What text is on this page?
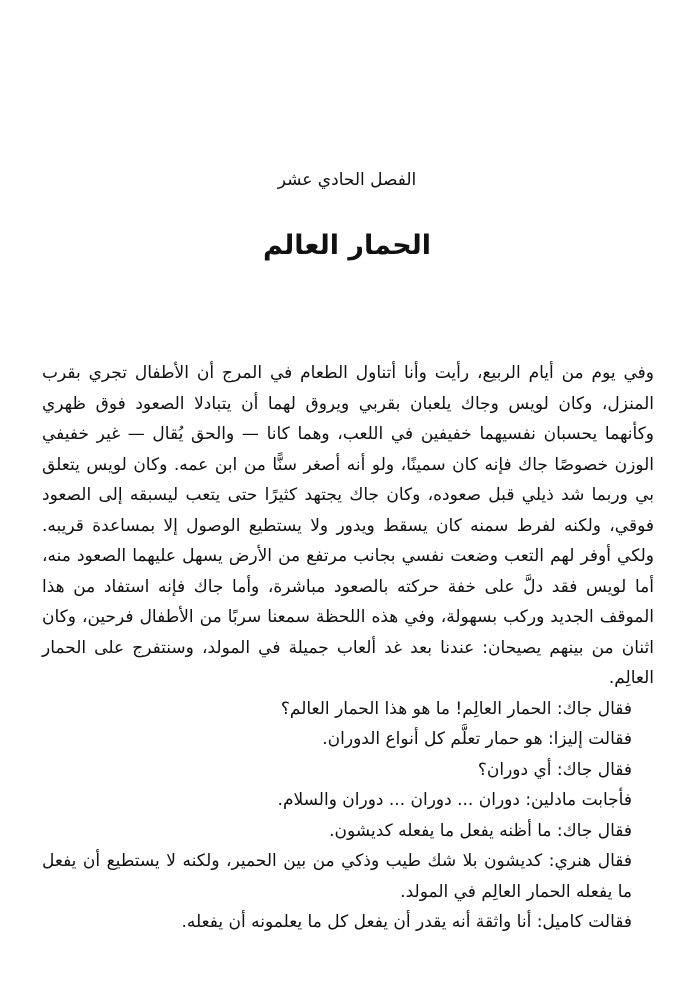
الفصل الحادي عشر
الحمار العالم

وفي يوم من أيام الربيع، رأيت وأنا أتناول الطعام في المرج أن الأطفال تجري بقرب المنزل، وكان لويس وجاك يلعبان بقربي ويروق لهما أن يتبادلا الصعود فوق ظهري وكأنهما يحسبان نفسيهما خفيفين في اللعب، وهما كانا — والحق يُقال — غير خفيفي الوزن خصوصًا جاك فإنه كان سمينًا، ولو أنه أصغر سنًّا من ابن عمه. وكان لويس يتعلق بي وربما شد ذيلي قبل صعوده، وكان جاك يجتهد كثيرًا حتى يتعب ليسبقه إلى الصعود فوقي، ولكنه لفرط سمنه كان يسقط ويدور ولا يستطيع الوصول إلا بمساعدة قريبه. ولكي أوفر لهم التعب وضعت نفسي بجانب مرتفع من الأرض يسهل عليهما الصعود منه، أما لويس فقد دلَّ على خفة حركته بالصعود مباشرة، وأما جاك فإنه استفاد من هذا الموقف الجديد وركب بسهولة، وفي هذه اللحظة سمعنا سربًا من الأطفال فرحين، وكان اثنان من بينهم يصيحان: عندنا بعد غد ألعاب جميلة في المولد، وسنتفرج على الحمار العالِم.

فقال جاك: الحمار العالِم! ما هو هذا الحمار العالم؟

فقالت إليزا: هو حمار تعلَّم كل أنواع الدوران.

فقال جاك: أي دوران؟

فأجابت مادلين: دوران ... دوران ... دوران والسلام.

فقال جاك: ما أظنه يفعل ما يفعله كديشون.

فقال هنري: كديشون بلا شك طيب وذكي من بين الحمير، ولكنه لا يستطيع أن يفعل ما يفعله الحمار العالِم في المولد.

فقالت كاميل: أنا واثقة أنه يقدر أن يفعل كل ما يعلمونه أن يفعله.
